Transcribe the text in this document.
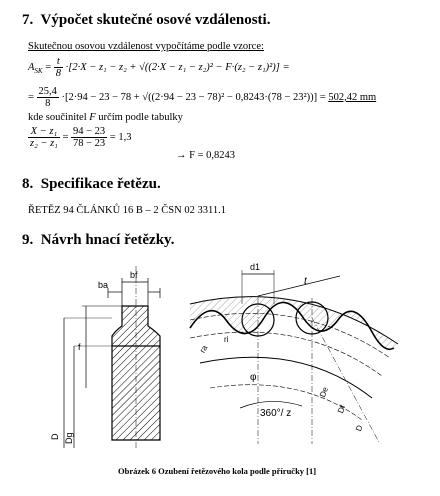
7. Výpočet skutečné osové vzdálenosti.
Skutečnou osovou vzdálenost vypočítáme podle vzorce:
$A_{SK} = \frac{t}{8} \cdot[2\cdot X - z_1 - z_2 + √((2\cdot X - z_1 - z_2)^2 - F\cdot(z_2 - z_1)^2)]$ =
= $\frac{25,4}{8} \cdot[2\cdot 94 - 23 - 78 + √((2\cdot 94 - 23 - 78)^2 - 0,8243\cdot(78 - 23^2))] = 502,42$ mm
kde součinitel F určím podle tabulky
$\frac{\text{X − z₁}}{\text{z₂ − z₁}} = \frac{94 - 23}{78 - 23} = 1,3$
→ F = 0,8243
8. Specifikace řetězu.
ŘETĚZ 94 ČLÁNKŮ 16 B – 2 ČSN 02 3311.1
9. Návrh hnací řetězky.
bf
ba
f
D Dg
d1
t
ra
ri
φ
360°/ z
De
Df
D
Obrázek 6 Ozubení řetězového kola podle příručky [1]
